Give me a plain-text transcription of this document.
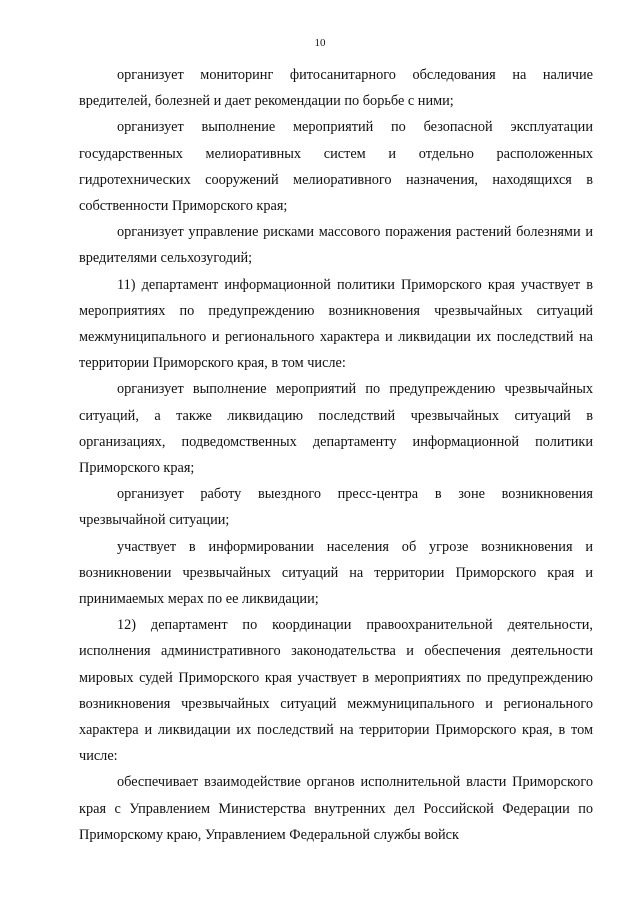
10

организует мониторинг фитосанитарного обследования на наличие вредителей, болезней и дает рекомендации по борьбе с ними;

организует выполнение мероприятий по безопасной эксплуатации государственных мелиоративных систем и отдельно расположенных гидротехнических сооружений мелиоративного назначения, находящихся в собственности Приморского края;

организует управление рисками массового поражения растений болезнями и вредителями сельхозугодий;

11) департамент информационной политики Приморского края участвует в мероприятиях по предупреждению возникновения чрезвычайных ситуаций межмуниципального и регионального характера и ликвидации их последствий на территории Приморского края, в том числе:

организует выполнение мероприятий по предупреждению чрезвычайных ситуаций, а также ликвидацию последствий чрезвычайных ситуаций в организациях, подведомственных департаменту информационной политики Приморского края;

организует работу выездного пресс-центра в зоне возникновения чрезвычайной ситуации;

участвует в информировании населения об угрозе возникновения и возникновении чрезвычайных ситуаций на территории Приморского края и принимаемых мерах по ее ликвидации;

12) департамент по координации правоохранительной деятельности, исполнения административного законодательства и обеспечения деятельности мировых судей Приморского края участвует в мероприятиях по предупреждению возникновения чрезвычайных ситуаций межмуниципального и регионального характера и ликвидации их последствий на территории Приморского края, в том числе:

обеспечивает взаимодействие органов исполнительной власти Приморского края с Управлением Министерства внутренних дел Российской Федерации по Приморскому краю, Управлением Федеральной службы войск
